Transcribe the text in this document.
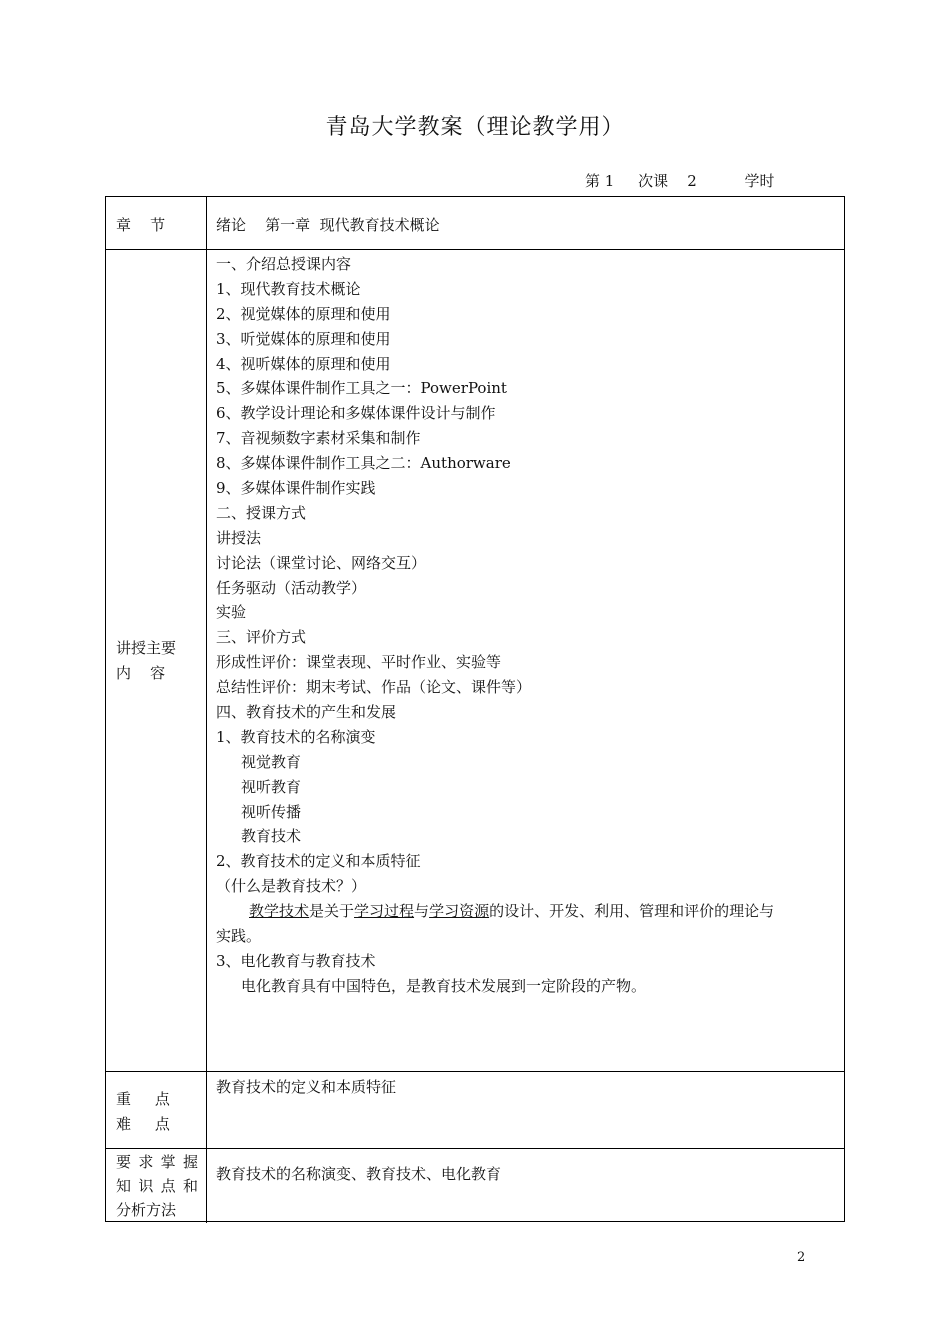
青岛大学教案（理论教学用）
第 1     次课    2          学时
章    节	绪论    第一章  现代教育技术概论
讲授主要
内    容
一、介绍总授课内容
1、现代教育技术概论
2、视觉媒体的原理和使用
3、听觉媒体的原理和使用
4、视听媒体的原理和使用
5、多媒体课件制作工具之一：PowerPoint
6、教学设计理论和多媒体课件设计与制作
7、音视频数字素材采集和制作
8、多媒体课件制作工具之二：Authorware
9、多媒体课件制作实践
二、授课方式
讲授法
讨论法（课堂讨论、网络交互）
任务驱动（活动教学）
实验
三、评价方式
形成性评价：课堂表现、平时作业、实验等
总结性评价：期末考试、作品（论文、课件等）
四、教育技术的产生和发展
1、教育技术的名称演变
视觉教育
视听教育
视听传播
教育技术
2、教育技术的定义和本质特征
（什么是教育技术？）
教学技术是关于学习过程与学习资源的设计、开发、利用、管理和评价的理论与
实践。
3、电化教育与教育技术
电化教育具有中国特色，是教育技术发展到一定阶段的产物。
重     点
难     点
教育技术的定义和本质特征
要 求 掌 握
知 识 点 和
分析方法
教育技术的名称演变、教育技术、电化教育
2
